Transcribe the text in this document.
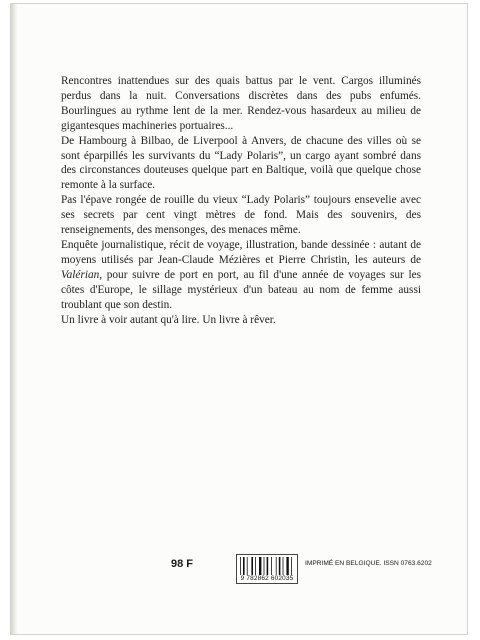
Rencontres inattendues sur des quais battus par le vent. Cargos illuminés perdus dans la nuit. Conversations discrètes dans des pubs enfumés. Bourlingues au rythme lent de la mer. Rendez-vous hasardeux au milieu de gigantesques machineries portuaires...

De Hambourg à Bilbao, de Liverpool à Anvers, de chacune des villes où se sont éparpillés les survivants du “Lady Polaris”, un cargo ayant sombré dans des circonstances douteuses quelque part en Baltique, voilà que quelque chose remonte à la surface.

Pas l'épave rongée de rouille du vieux “Lady Polaris” toujours ensevelie avec ses secrets par cent vingt mètres de fond. Mais des souvenirs, des renseignements, des mensonges, des menaces même.

Enquête journalistique, récit de voyage, illustration, bande dessinée : autant de moyens utilisés par Jean-Claude Mézières et Pierre Christin, les auteurs de Valérian, pour suivre de port en port, au fil d'une année de voyages sur les côtes d'Europe, le sillage mystérieux d'un bateau au nom de femme aussi troublant que son destin.

Un livre à voir autant qu'à lire. Un livre à rêver.

98 F
9 782862 602035
IMPRIMÉ EN BELGIQUE. ISSN 0763.6202
